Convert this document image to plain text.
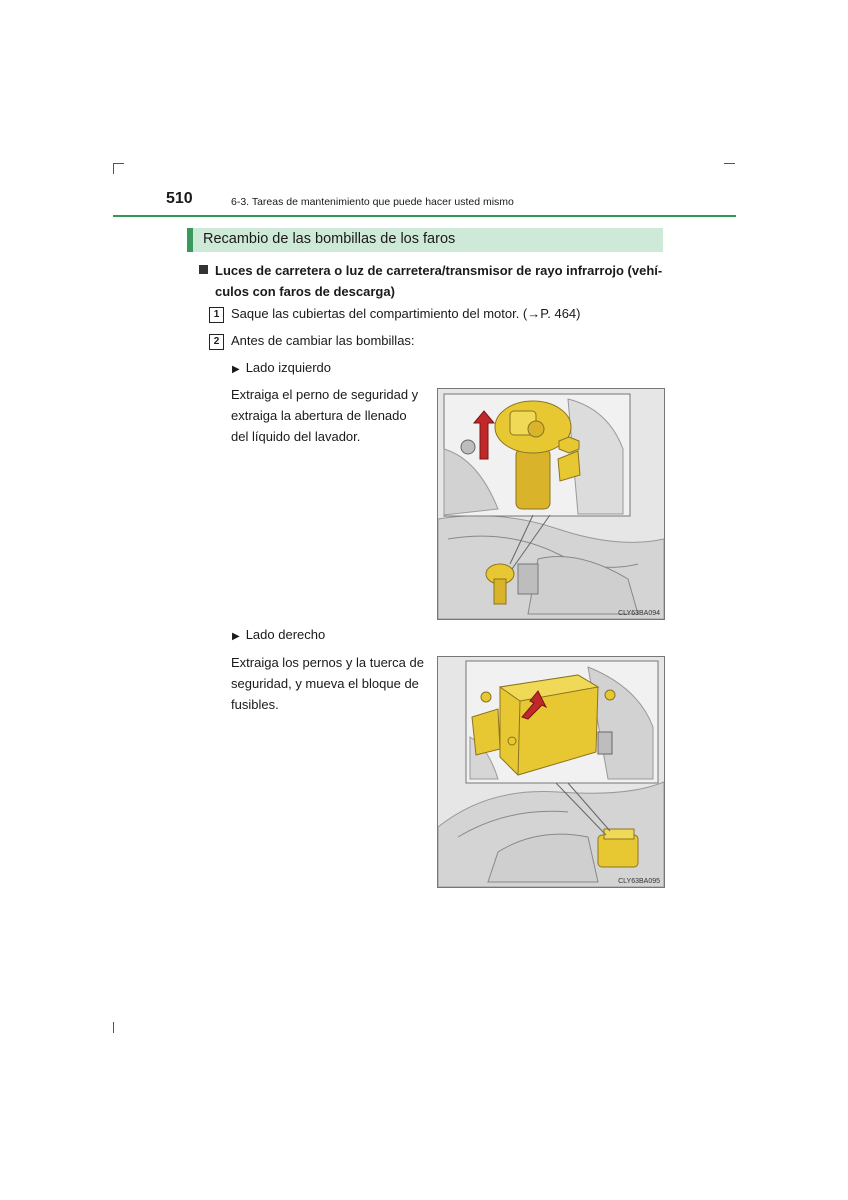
510	6-3. Tareas de mantenimiento que puede hacer usted mismo
Recambio de las bombillas de los faros
Luces de carretera o luz de carretera/transmisor de rayo infrarrojo (vehí-
culos con faros de descarga)
1 Saque las cubiertas del compartimiento del motor. (→P. 464)
2 Antes de cambiar las bombillas:
▶ Lado izquierdo
Extraiga el perno de seguridad y
extraiga la abertura de llenado
del líquido del lavador.
CLY63BA094
▶ Lado derecho
Extraiga los pernos y la tuerca de
seguridad, y mueva el bloque de
fusibles.
CLY63BA095
